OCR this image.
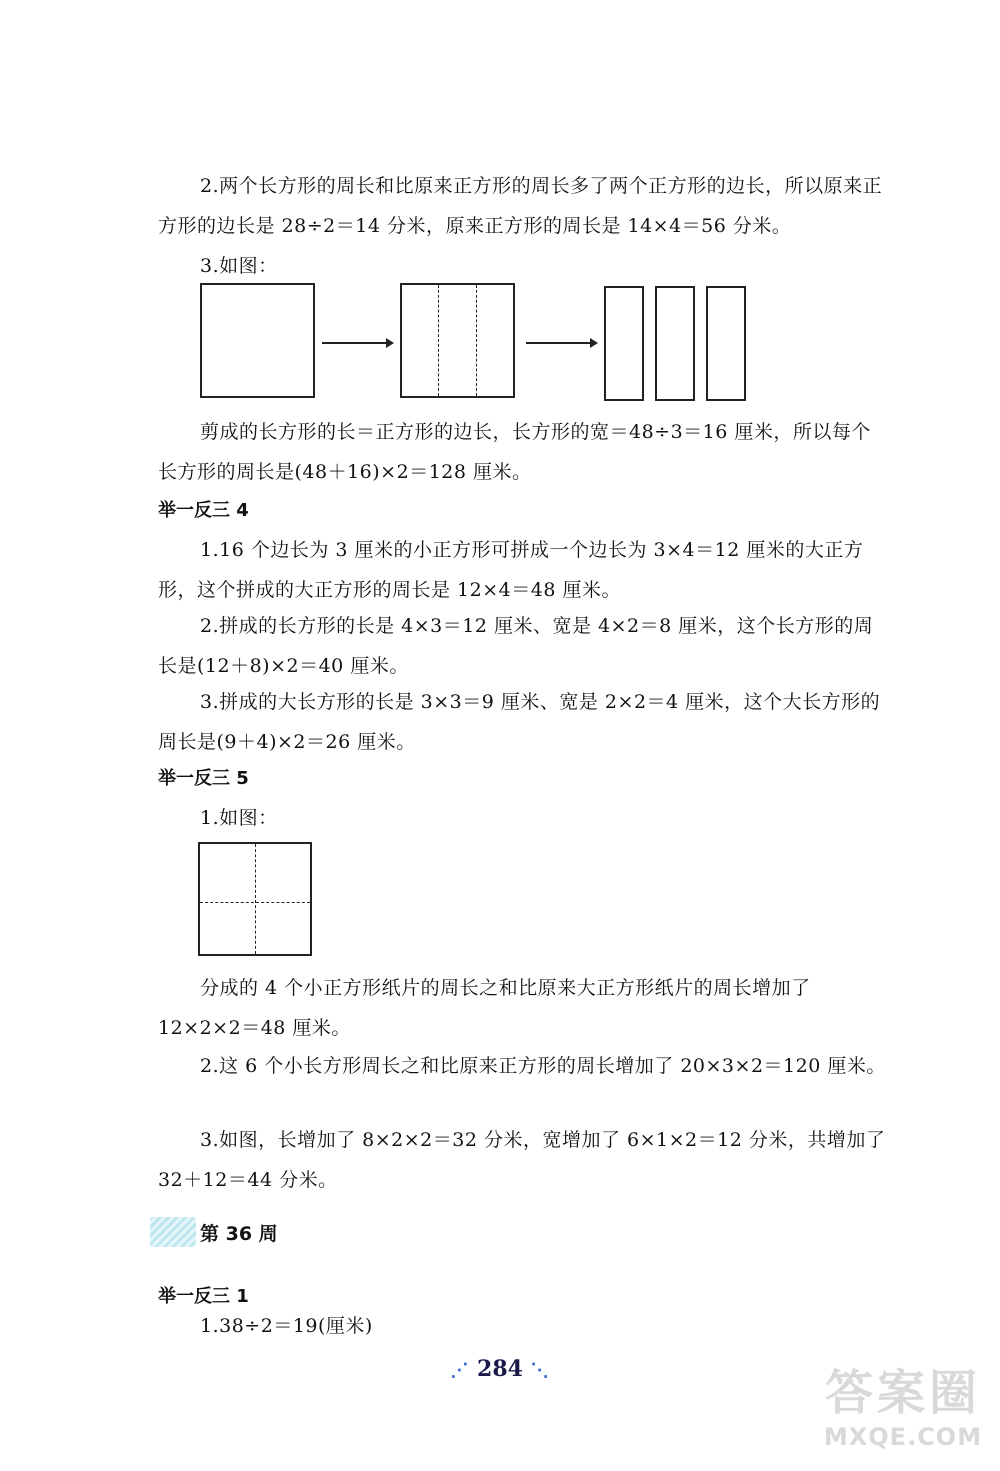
2.两个长方形的周长和比原来正方形的周长多了两个正方形的边长，所以原来正方形的边长是 28÷2＝14 分米，原来正方形的周长是 14×4＝56 分米。

3.如图：

剪成的长方形的长＝正方形的边长，长方形的宽＝48÷3＝16 厘米，所以每个长方形的周长是(48＋16)×2＝128 厘米。

举一反三 4

1.16 个边长为 3 厘米的小正方形可拼成一个边长为 3×4＝12 厘米的大正方形，这个拼成的大正方形的周长是 12×4＝48 厘米。

2.拼成的长方形的长是 4×3＝12 厘米、宽是 4×2＝8 厘米，这个长方形的周长是(12＋8)×2＝40 厘米。

3.拼成的大长方形的长是 3×3＝9 厘米、宽是 2×2＝4 厘米，这个大长方形的周长是(9＋4)×2＝26 厘米。

举一反三 5

1.如图：

分成的 4 个小正方形纸片的周长之和比原来大正方形纸片的周长增加了 12×2×2＝48 厘米。

2.这 6 个小长方形周长之和比原来正方形的周长增加了 20×3×2＝120 厘米。

3.如图，长增加了 8×2×2＝32 分米，宽增加了 6×1×2＝12 分米，共增加了 32＋12＝44 分米。

第 36 周
举一反三 1

1.38÷2＝19(厘米)

⋰ 284 ⋱	答案圈
MXQE.COM
